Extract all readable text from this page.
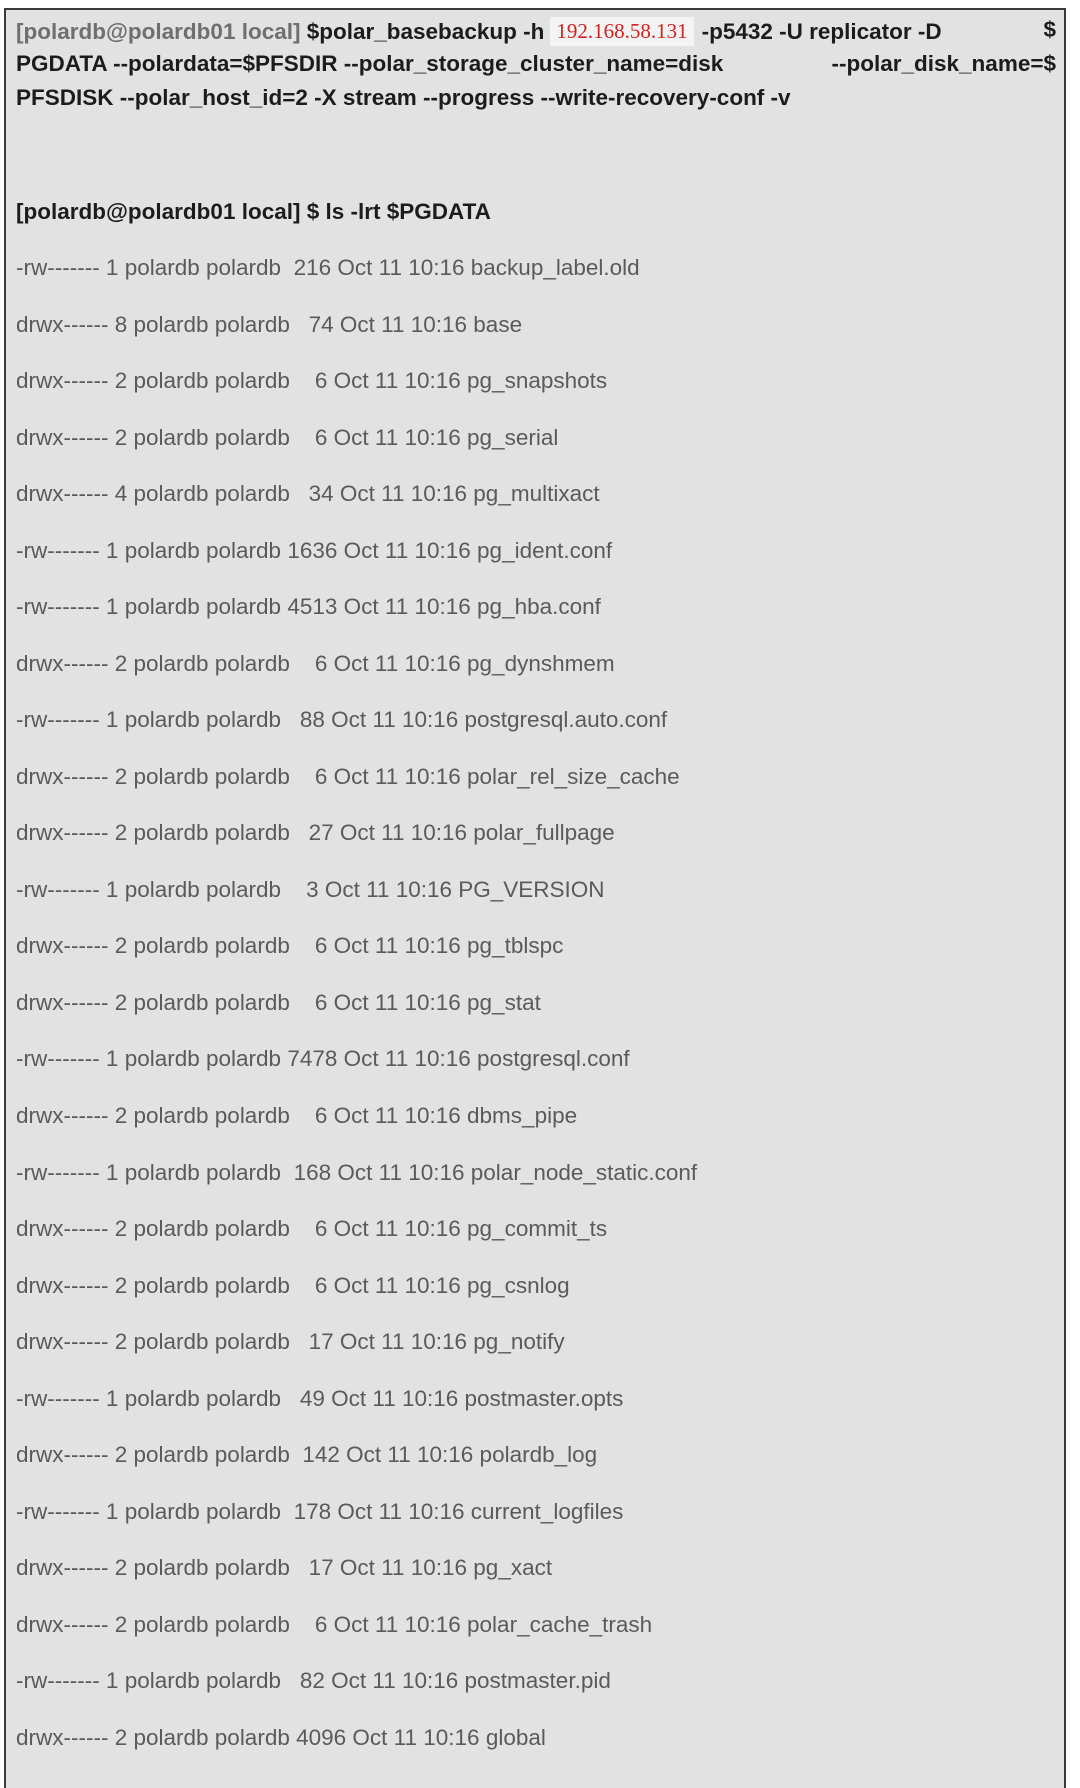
[polardb@polardb01 local] $polar_basebackup -h 192.168.58.131 -p5432 -U replicator -D	$
PGDATA --polardata=$PFSDIR --polar_storage_cluster_name=disk	--polar_disk_name=$
PFSDISK --polar_host_id=2 -X stream --progress --write-recovery-conf -v
[polardb@polardb01 local] $ ls -lrt $PGDATA
-rw------- 1 polardb polardb  216 Oct 11 10:16 backup_label.old
drwx------ 8 polardb polardb   74 Oct 11 10:16 base
drwx------ 2 polardb polardb    6 Oct 11 10:16 pg_snapshots
drwx------ 2 polardb polardb    6 Oct 11 10:16 pg_serial
drwx------ 4 polardb polardb   34 Oct 11 10:16 pg_multixact
-rw------- 1 polardb polardb 1636 Oct 11 10:16 pg_ident.conf
-rw------- 1 polardb polardb 4513 Oct 11 10:16 pg_hba.conf
drwx------ 2 polardb polardb    6 Oct 11 10:16 pg_dynshmem
-rw------- 1 polardb polardb   88 Oct 11 10:16 postgresql.auto.conf
drwx------ 2 polardb polardb    6 Oct 11 10:16 polar_rel_size_cache
drwx------ 2 polardb polardb   27 Oct 11 10:16 polar_fullpage
-rw------- 1 polardb polardb    3 Oct 11 10:16 PG_VERSION
drwx------ 2 polardb polardb    6 Oct 11 10:16 pg_tblspc
drwx------ 2 polardb polardb    6 Oct 11 10:16 pg_stat
-rw------- 1 polardb polardb 7478 Oct 11 10:16 postgresql.conf
drwx------ 2 polardb polardb    6 Oct 11 10:16 dbms_pipe
-rw------- 1 polardb polardb  168 Oct 11 10:16 polar_node_static.conf
drwx------ 2 polardb polardb    6 Oct 11 10:16 pg_commit_ts
drwx------ 2 polardb polardb    6 Oct 11 10:16 pg_csnlog
drwx------ 2 polardb polardb   17 Oct 11 10:16 pg_notify
-rw------- 1 polardb polardb   49 Oct 11 10:16 postmaster.opts
drwx------ 2 polardb polardb  142 Oct 11 10:16 polardb_log
-rw------- 1 polardb polardb  178 Oct 11 10:16 current_logfiles
drwx------ 2 polardb polardb   17 Oct 11 10:16 pg_xact
drwx------ 2 polardb polardb    6 Oct 11 10:16 polar_cache_trash
-rw------- 1 polardb polardb   82 Oct 11 10:16 postmaster.pid
drwx------ 2 polardb polardb 4096 Oct 11 10:16 global
